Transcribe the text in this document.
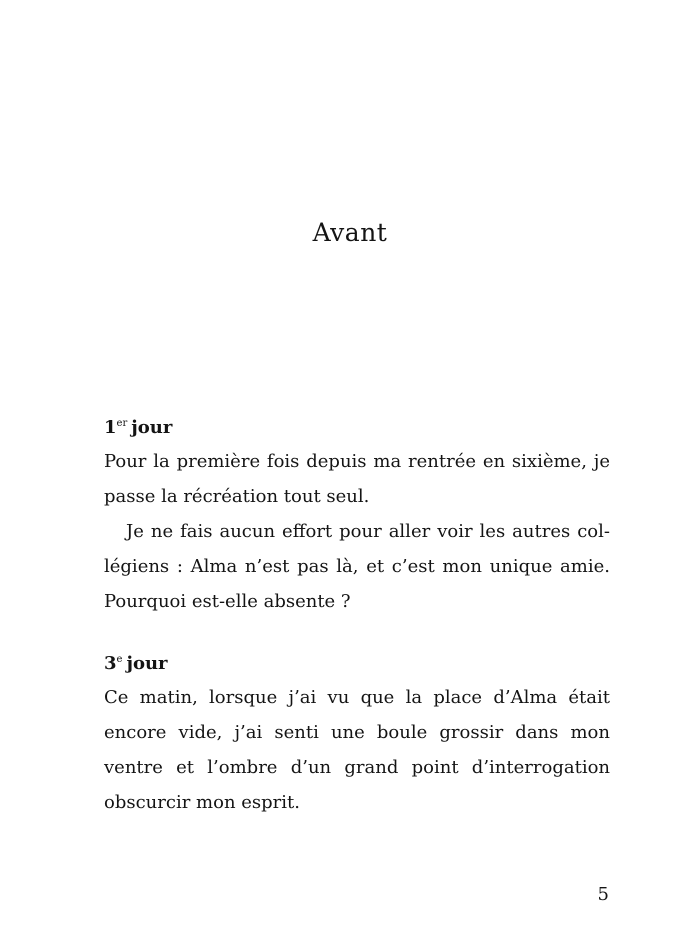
Avant
1er jour

Pour la première fois depuis ma rentrée en sixième, je passe la récréation tout seul.

Je ne fais aucun effort pour aller voir les autres collégiens : Alma n’est pas là, et c’est mon unique amie. Pourquoi est-elle absente ?

3e jour

Ce matin, lorsque j’ai vu que la place d’Alma était encore vide, j’ai senti une boule grossir dans mon ventre et l’ombre d’un grand point d’interrogation obscurcir mon esprit.

5
